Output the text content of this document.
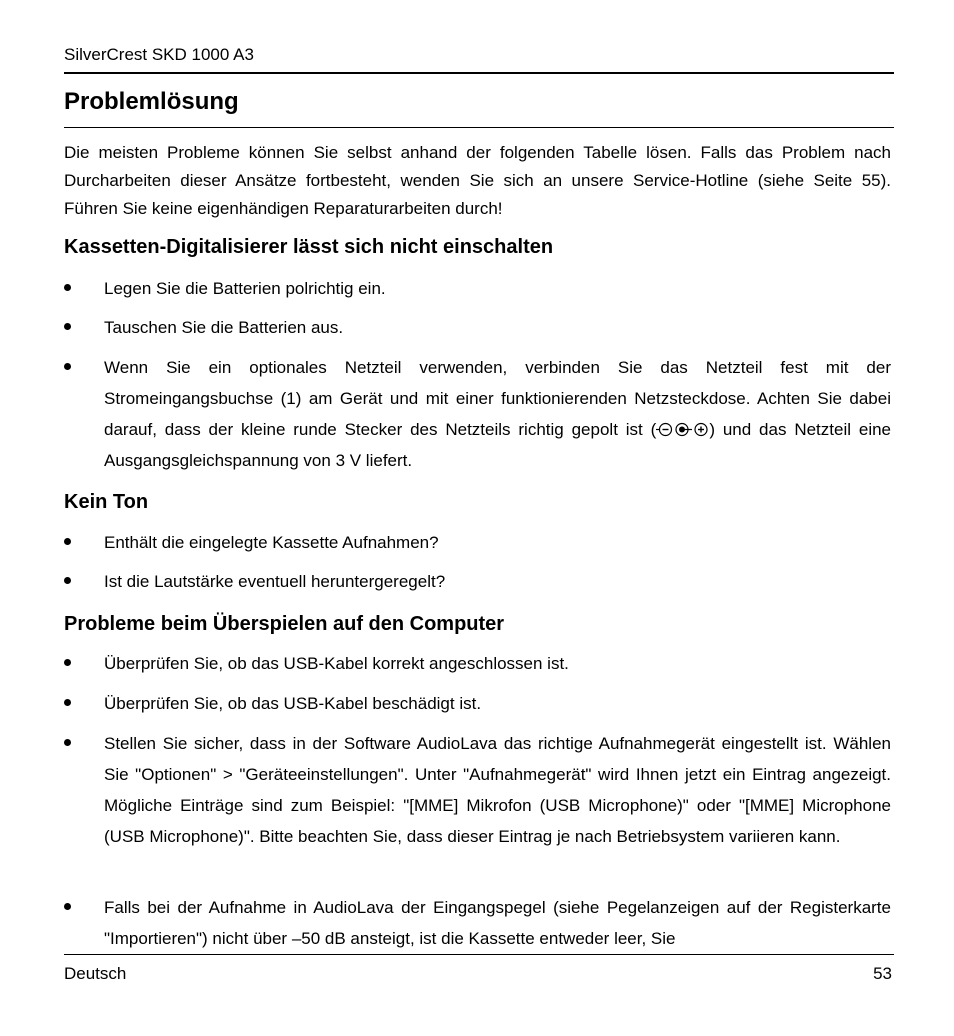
SilverCrest SKD 1000 A3
Problemlösung

Die meisten Probleme können Sie selbst anhand der folgenden Tabelle lösen. Falls das Problem nach Durcharbeiten dieser Ansätze fortbesteht, wenden Sie sich an unsere Service-Hotline (siehe Seite 55). Führen Sie keine eigenhändigen Reparaturarbeiten durch!

Kassetten-Digitalisierer lässt sich nicht einschalten
Legen Sie die Batterien polrichtig ein.
Tauschen Sie die Batterien aus.
Wenn Sie ein optionales Netzteil verwenden, verbinden Sie das Netzteil fest mit der Stromeingangsbuchse (1) am Gerät und mit einer funktionierenden Netzsteckdose. Achten Sie dabei darauf, dass der kleine runde Stecker des Netzteils richtig gepolt ist (	) und das Netzteil eine Ausgangsgleichspannung von 3 V liefert.
Kein Ton
Enthält die eingelegte Kassette Aufnahmen?
Ist die Lautstärke eventuell heruntergeregelt?
Probleme beim Überspielen auf den Computer
Überprüfen Sie, ob das USB-Kabel korrekt angeschlossen ist.
Überprüfen Sie, ob das USB-Kabel beschädigt ist.
Stellen Sie sicher, dass in der Software AudioLava das richtige Aufnahmegerät eingestellt ist. Wählen Sie "Optionen" > "Geräteeinstellungen". Unter "Aufnahmegerät" wird Ihnen jetzt ein Eintrag angezeigt. Mögliche Einträge sind zum Beispiel: "[MME] Mikrofon (USB Microphone)" oder "[MME] Microphone (USB Microphone)". Bitte beachten Sie, dass dieser Eintrag je nach Betriebsystem variieren kann.
Falls bei der Aufnahme in AudioLava der Eingangspegel (siehe Pegelanzeigen auf der Registerkarte "Importieren") nicht über –50 dB ansteigt, ist die Kassette entweder leer, Sie
Deutsch	53
